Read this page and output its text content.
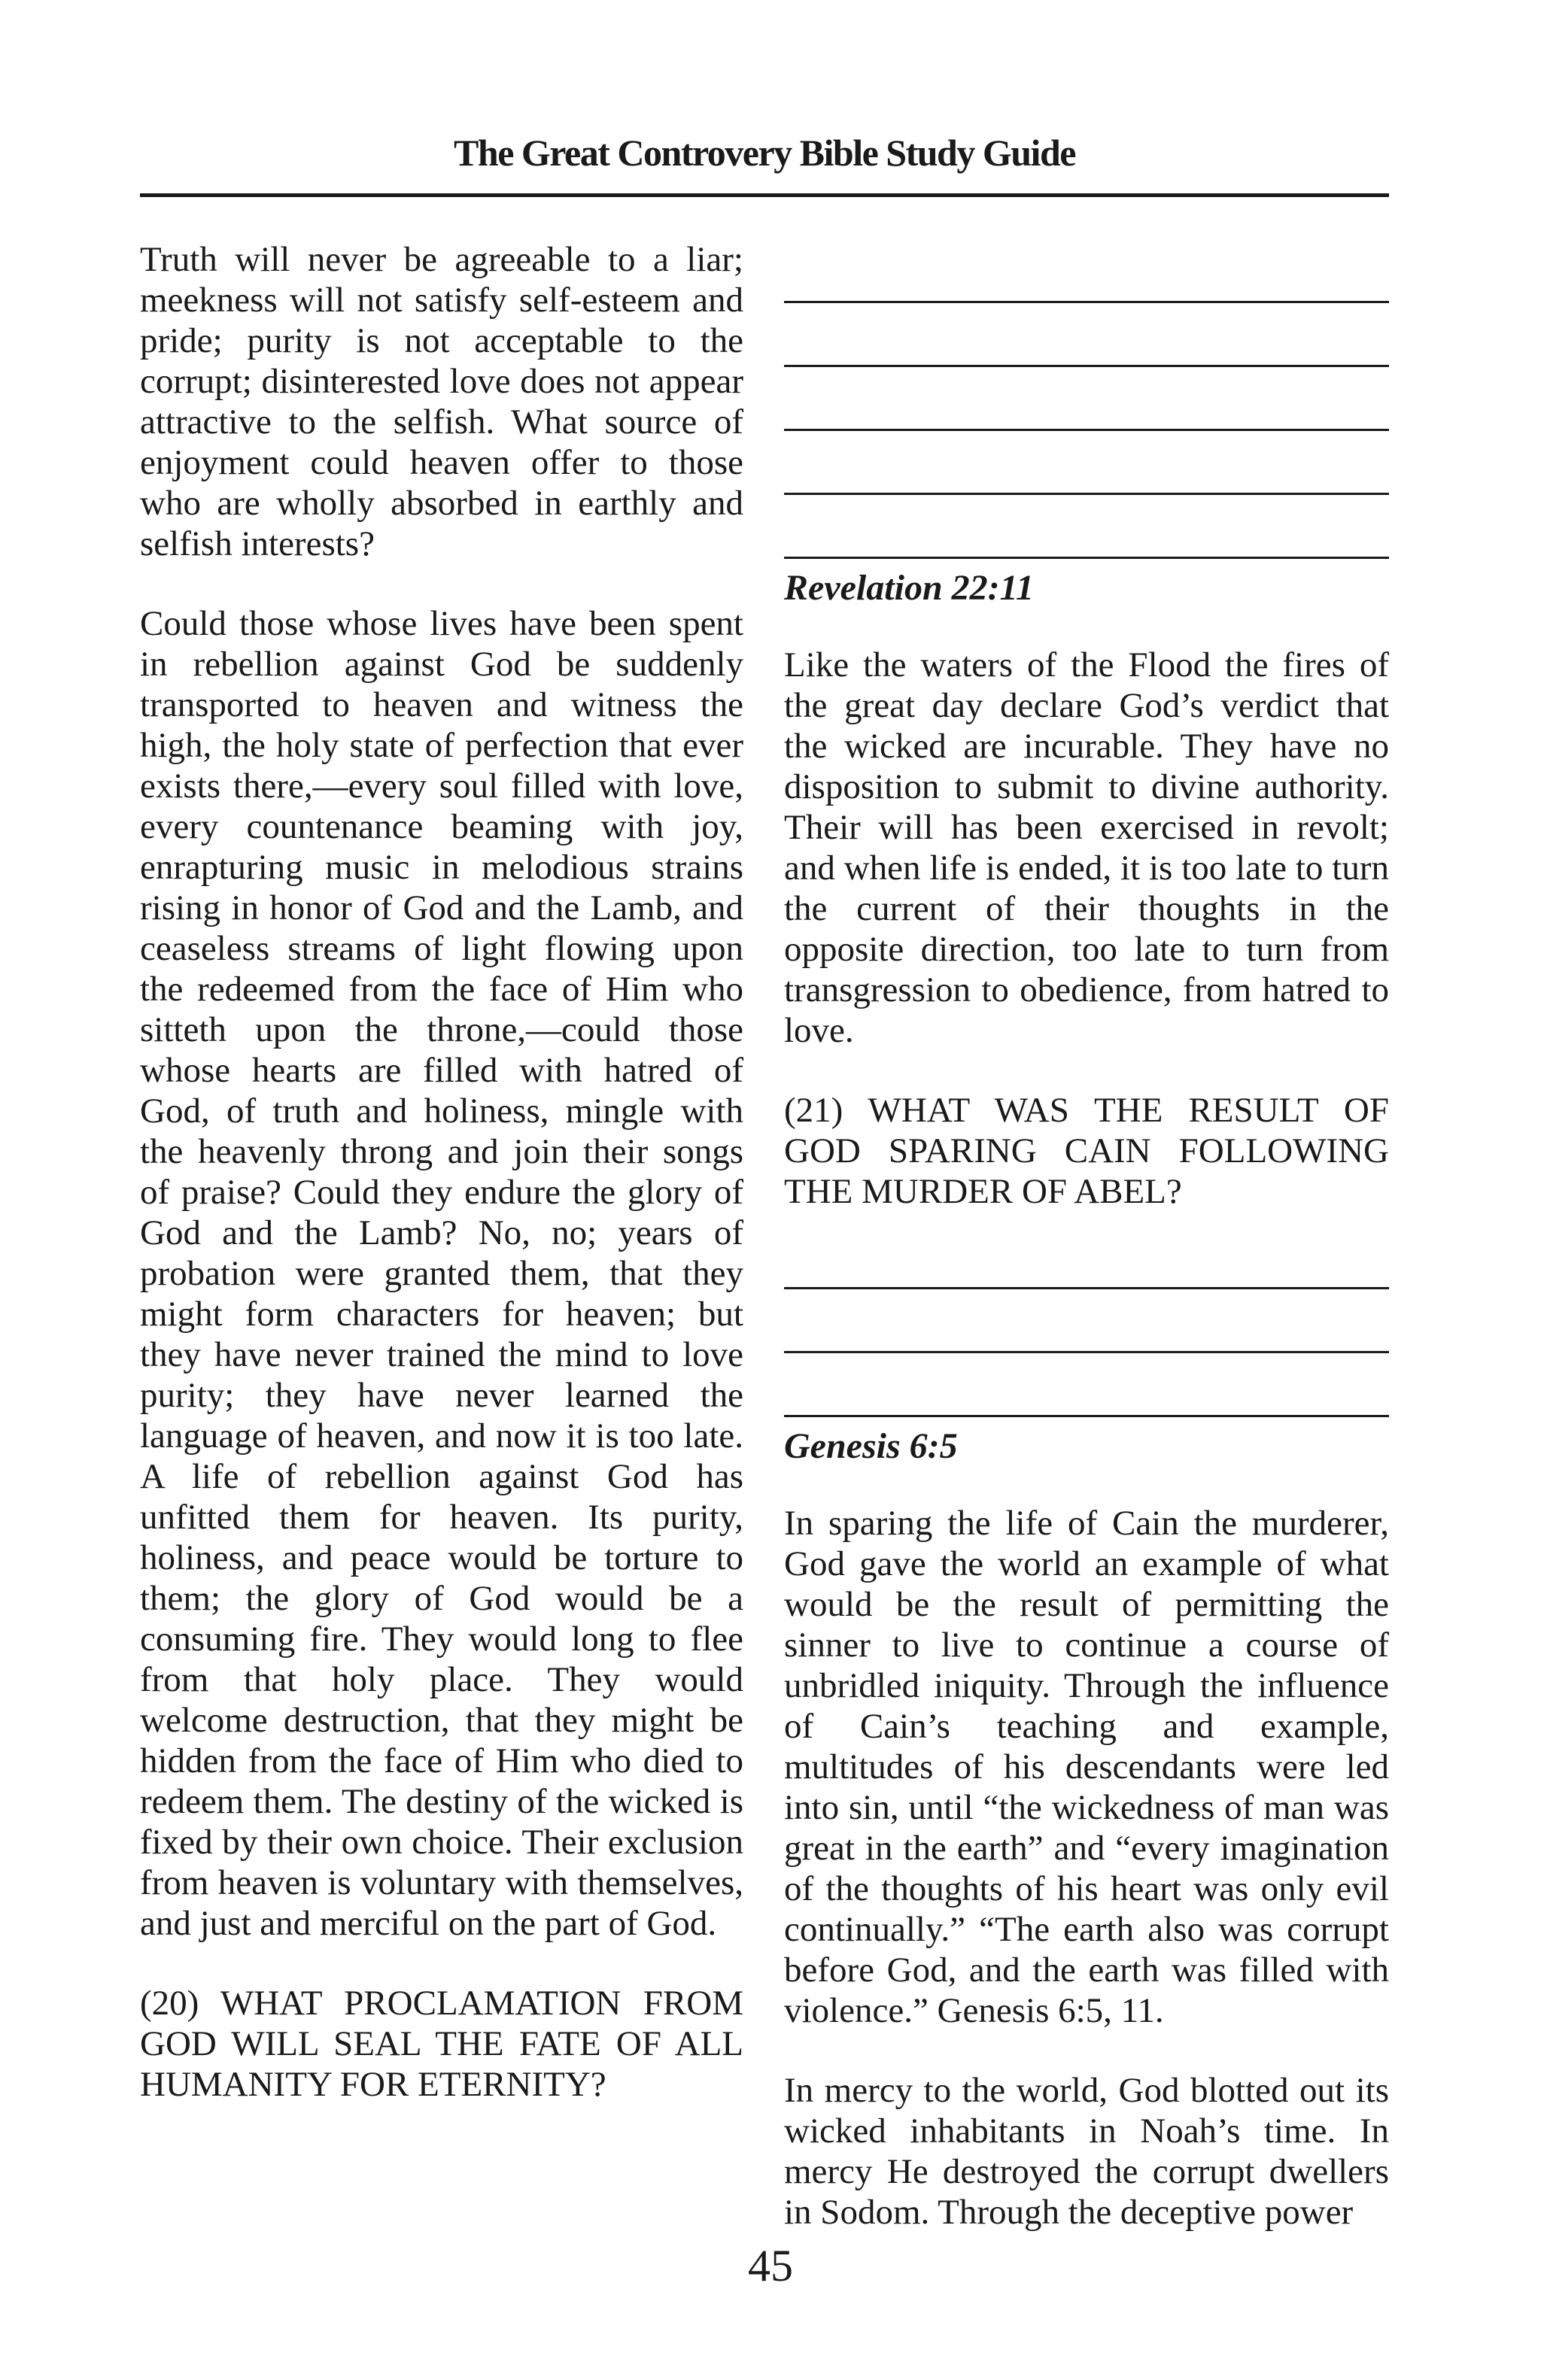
The Great Controvery Bible Study Guide

Truth will never be agreeable to a liar; meekness will not satisfy self-esteem and pride; purity is not acceptable to the corrupt; disinterested love does not appear attractive to the selfish. What source of enjoyment could heaven offer to those who are wholly absorbed in earthly and selfish interests?

Could those whose lives have been spent in rebellion against God be suddenly transported to heaven and witness the high, the holy state of perfection that ever exists there,—every soul filled with love, every countenance beaming with joy, enrapturing music in melodious strains rising in honor of God and the Lamb, and ceaseless streams of light flowing upon the redeemed from the face of Him who sitteth upon the throne,—could those whose hearts are filled with hatred of God, of truth and holiness, mingle with the heavenly throng and join their songs of praise? Could they endure the glory of God and the Lamb? No, no; years of probation were granted them, that they might form characters for heaven; but they have never trained the mind to love purity; they have never learned the language of heaven, and now it is too late. A life of rebellion against God has unfitted them for heaven. Its purity, holiness, and peace would be torture to them; the glory of God would be a consuming fire. They would long to flee from that holy place. They would welcome destruction, that they might be hidden from the face of Him who died to redeem them. The destiny of the wicked is fixed by their own choice. Their exclusion from heaven is voluntary with themselves, and just and merciful on the part of God.

(20) WHAT PROCLAMATION FROM GOD WILL SEAL THE FATE OF ALL HUMANITY FOR ETERNITY?

Revelation 22:11

Like the waters of the Flood the fires of the great day declare God’s verdict that the wicked are incurable. They have no disposition to submit to divine authority. Their will has been exercised in revolt; and when life is ended, it is too late to turn the current of their thoughts in the opposite direction, too late to turn from transgression to obedience, from hatred to love.

(21) WHAT WAS THE RESULT OF GOD SPARING CAIN FOLLOWING THE MURDER OF ABEL?

Genesis 6:5

In sparing the life of Cain the murderer, God gave the world an example of what would be the result of permitting the sinner to live to continue a course of unbridled iniquity. Through the influence of Cain’s teaching and example, multitudes of his descendants were led into sin, until “the wickedness of man was great in the earth” and “every imagination of the thoughts of his heart was only evil continually.” “The earth also was corrupt before God, and the earth was filled with violence.” Genesis 6:5, 11.

In mercy to the world, God blotted out its wicked inhabitants in Noah’s time. In mercy He destroyed the corrupt dwellers in Sodom. Through the deceptive power

45
